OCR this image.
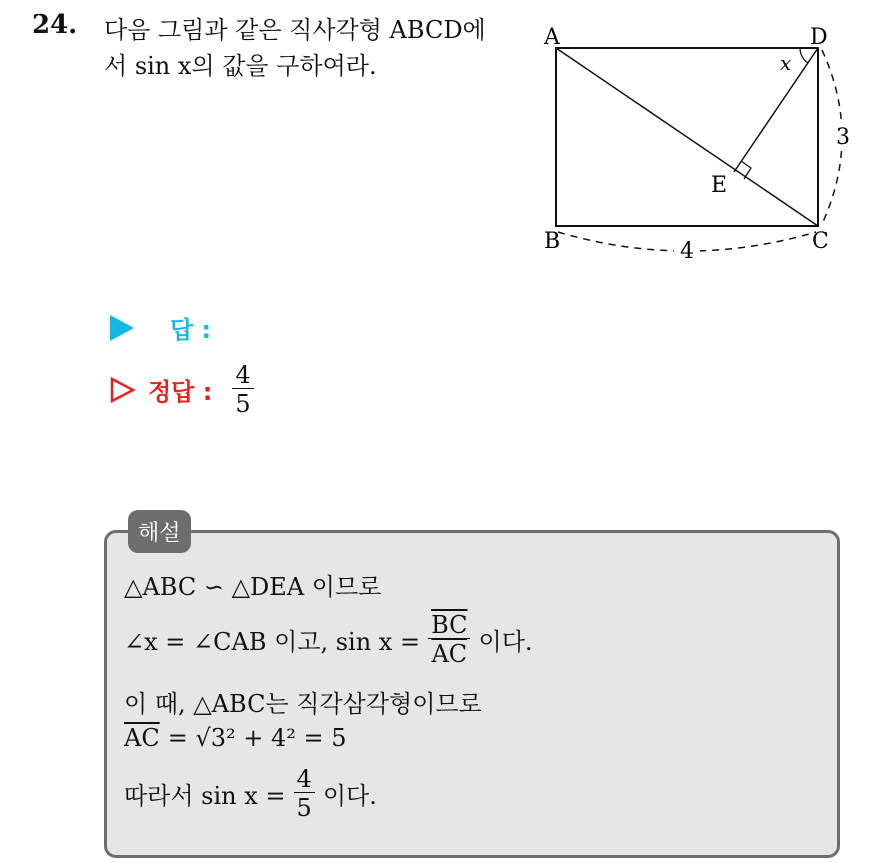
24. 다음 그림과 같은 직사각형 ABCD에
서 sin x의 값을 구하여라.
A
B	C
D
E
x
3
4
답 :
정답 : $\frac{4}{5}$
해설
△ABC ∽ △DEA 이므로
∠x = ∠CAB 이고, $\sin x = \frac{\overline{BC}}{AC}$ 이다.
이 때, △ABC는 직각삼각형이므로
$\overline{AC} = √3^2 + 4^2 = 5$
따라서 $\sin x = \frac{4}{5}$ 이다.
